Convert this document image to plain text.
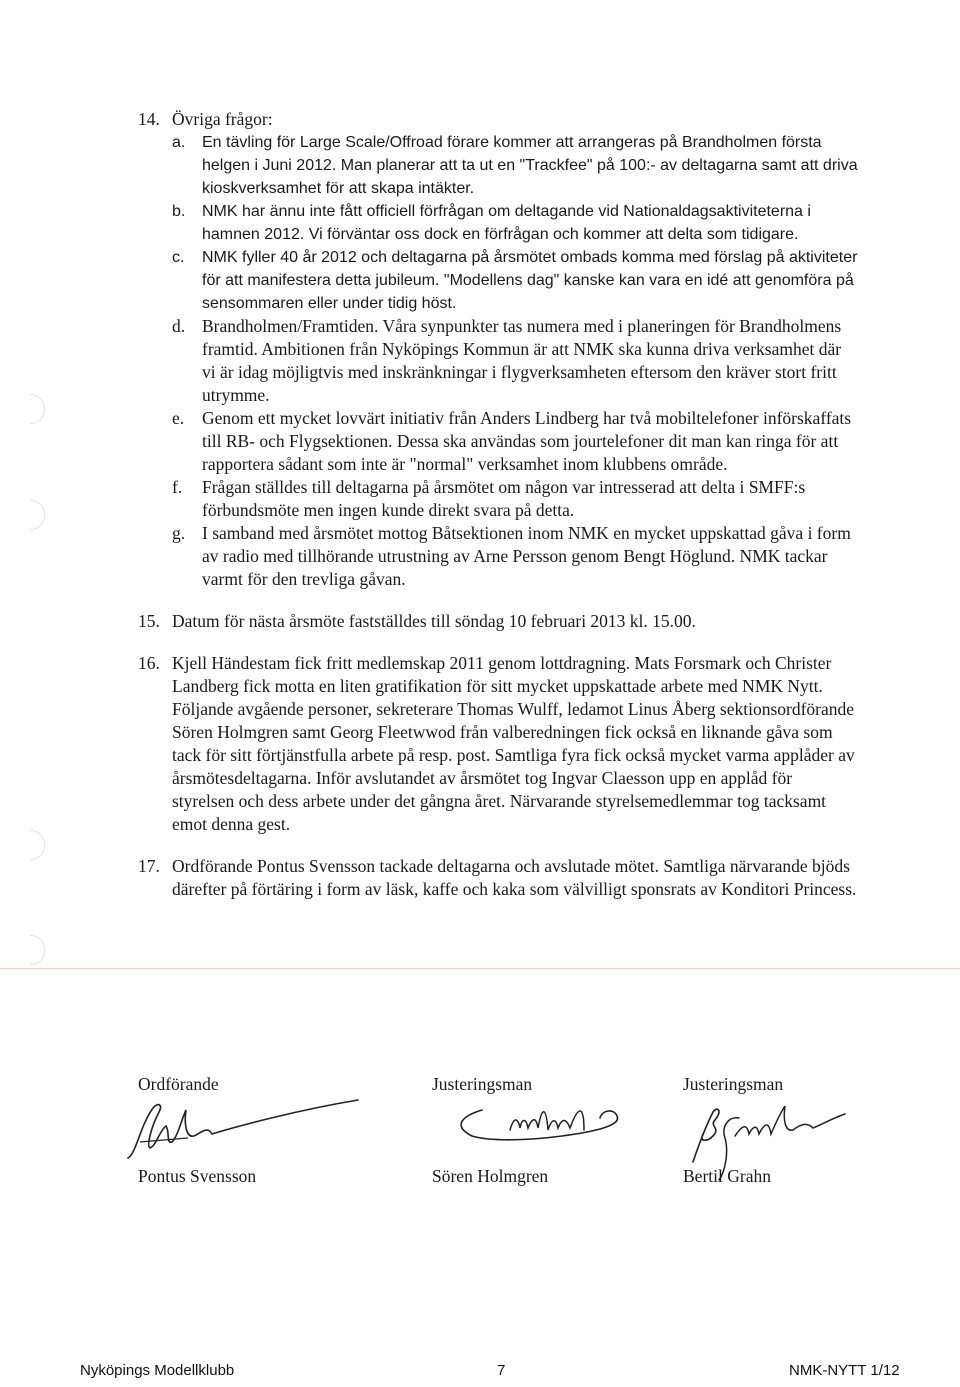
14. Övriga frågor:
a.	En tävling för Large Scale/Offroad förare kommer att arrangeras på Brandholmen första helgen i Juni 2012. Man planerar att ta ut en "Trackfee" på 100:- av deltagarna samt att driva kioskverksamhet för att skapa intäkter.
b.	NMK har ännu inte fått officiell förfrågan om deltagande vid Nationaldagsaktiviteterna i hamnen 2012. Vi förväntar oss dock en förfrågan och kommer att delta som tidigare.
c.	NMK fyller 40 år 2012 och deltagarna på årsmötet ombads komma med förslag på aktiviteter för att manifestera detta jubileum. "Modellens dag" kanske kan vara en idé att genomföra på sensommaren eller under tidig höst.
d. Brandholmen/Framtiden. Våra synpunkter tas numera med i planeringen för Brandholmens framtid. Ambitionen från Nyköpings Kommun är att NMK ska kunna driva verksamhet där vi är idag möjligtvis med inskränkningar i flygverksamheten eftersom den kräver stort fritt utrymme.
e.	Genom ett mycket lovvärt initiativ från Anders Lindberg har två mobiltelefoner införskaffats till RB- och Flygsektionen. Dessa ska användas som jourtelefoner dit man kan ringa för att rapportera sådant som inte är "normal" verksamhet inom klubbens område.
f.	Frågan ställdes till deltagarna på årsmötet om någon var intresserad att delta i SMFF:s förbundsmöte men ingen kunde direkt svara på detta.
g. I samband med årsmötet mottog Båtsektionen inom NMK en mycket uppskattad gåva i form av radio med tillhörande utrustning av Arne Persson genom Bengt Höglund. NMK tackar varmt för den trevliga gåvan.
15. Datum för nästa årsmöte fastställdes till söndag 10 februari 2013 kl. 15.00.
16. Kjell Händestam fick fritt medlemskap 2011 genom lottdragning. Mats Forsmark och Christer Landberg fick motta en liten gratifikation för sitt mycket uppskattade arbete med NMK Nytt. Följande avgående personer, sekreterare Thomas Wulff, ledamot Linus Åberg sektionsordförande Sören Holmgren samt Georg Fleetwwod från valberedningen fick också en liknande gåva som tack för sitt förtjänstfulla arbete på resp. post. Samtliga fyra fick också mycket varma applåder av årsmötesdeltagarna. Inför avslutandet av årsmötet tog Ingvar Claesson upp en applåd för styrelsen och dess arbete under det gångna året. Närvarande styrelsemedlemmar tog tacksamt emot denna gest.
17. Ordförande Pontus Svensson tackade deltagarna och avslutade mötet. Samtliga närvarande bjöds därefter på förtäring i form av läsk, kaffe och kaka som välvilligt sponsrats av Konditori Princess.
Ordförande
Pontus Svensson
Justeringsman
Sören Holmgren
Justeringsman
Bertil Grahn
Nyköpings Modellklubb	7	NMK-NYTT 1/12
